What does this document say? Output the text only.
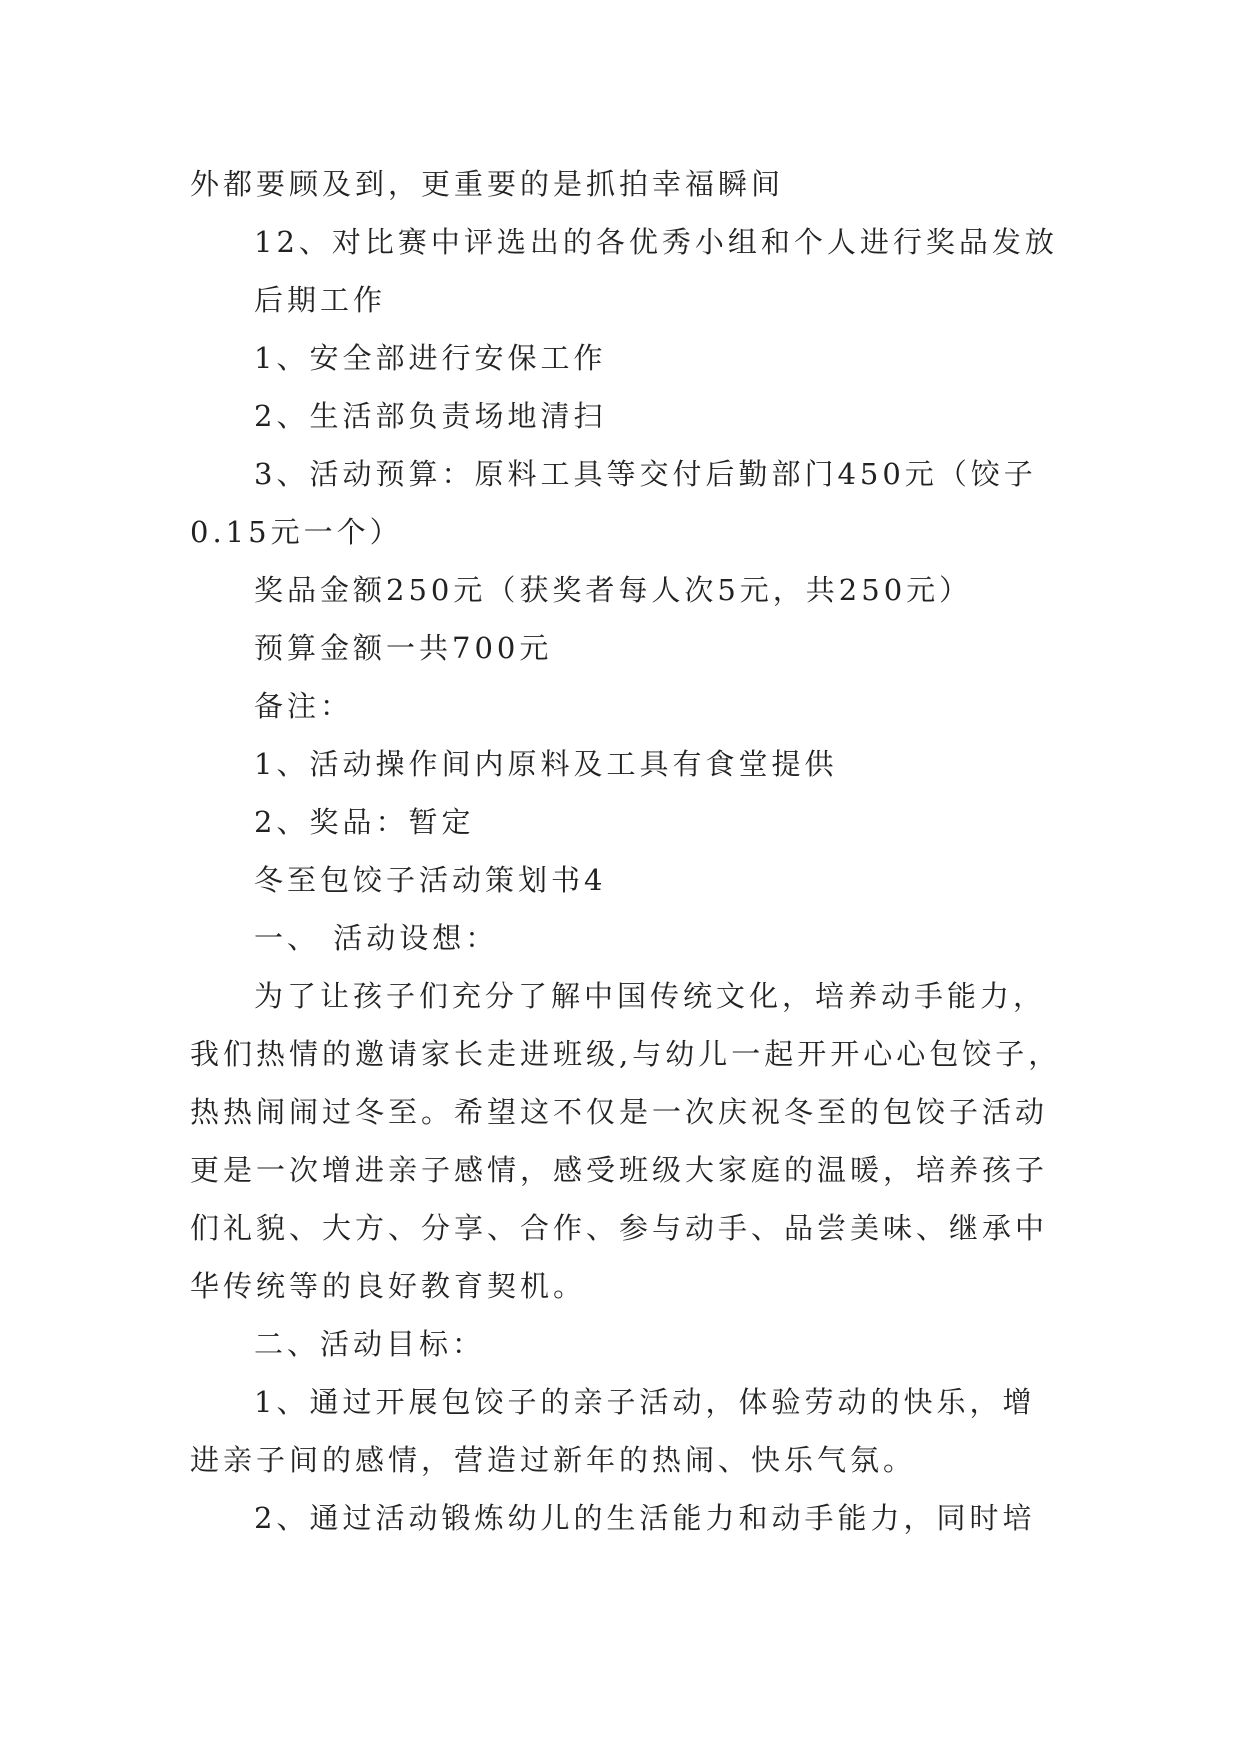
外都要顾及到，更重要的是抓拍幸福瞬间
12、对比赛中评选出的各优秀小组和个人进行奖品发放
后期工作
1、安全部进行安保工作
2、生活部负责场地清扫
3、活动预算：原料工具等交付后勤部门450元（饺子
0.15元一个）
奖品金额250元（获奖者每人次5元，共250元）
预算金额一共700元
备注：
1、活动操作间内原料及工具有食堂提供
2、奖品：暂定
冬至包饺子活动策划书4
一、 活动设想：
为了让孩子们充分了解中国传统文化，培养动手能力，
我们热情的邀请家长走进班级,与幼儿一起开开心心包饺子，
热热闹闹过冬至。希望这不仅是一次庆祝冬至的包饺子活动
更是一次增进亲子感情，感受班级大家庭的温暖，培养孩子
们礼貌、大方、分享、合作、参与动手、品尝美味、继承中
华传统等的良好教育契机。
二、活动目标：
1、通过开展包饺子的亲子活动，体验劳动的快乐，增
进亲子间的感情，营造过新年的热闹、快乐气氛。
2、通过活动锻炼幼儿的生活能力和动手能力，同时培
